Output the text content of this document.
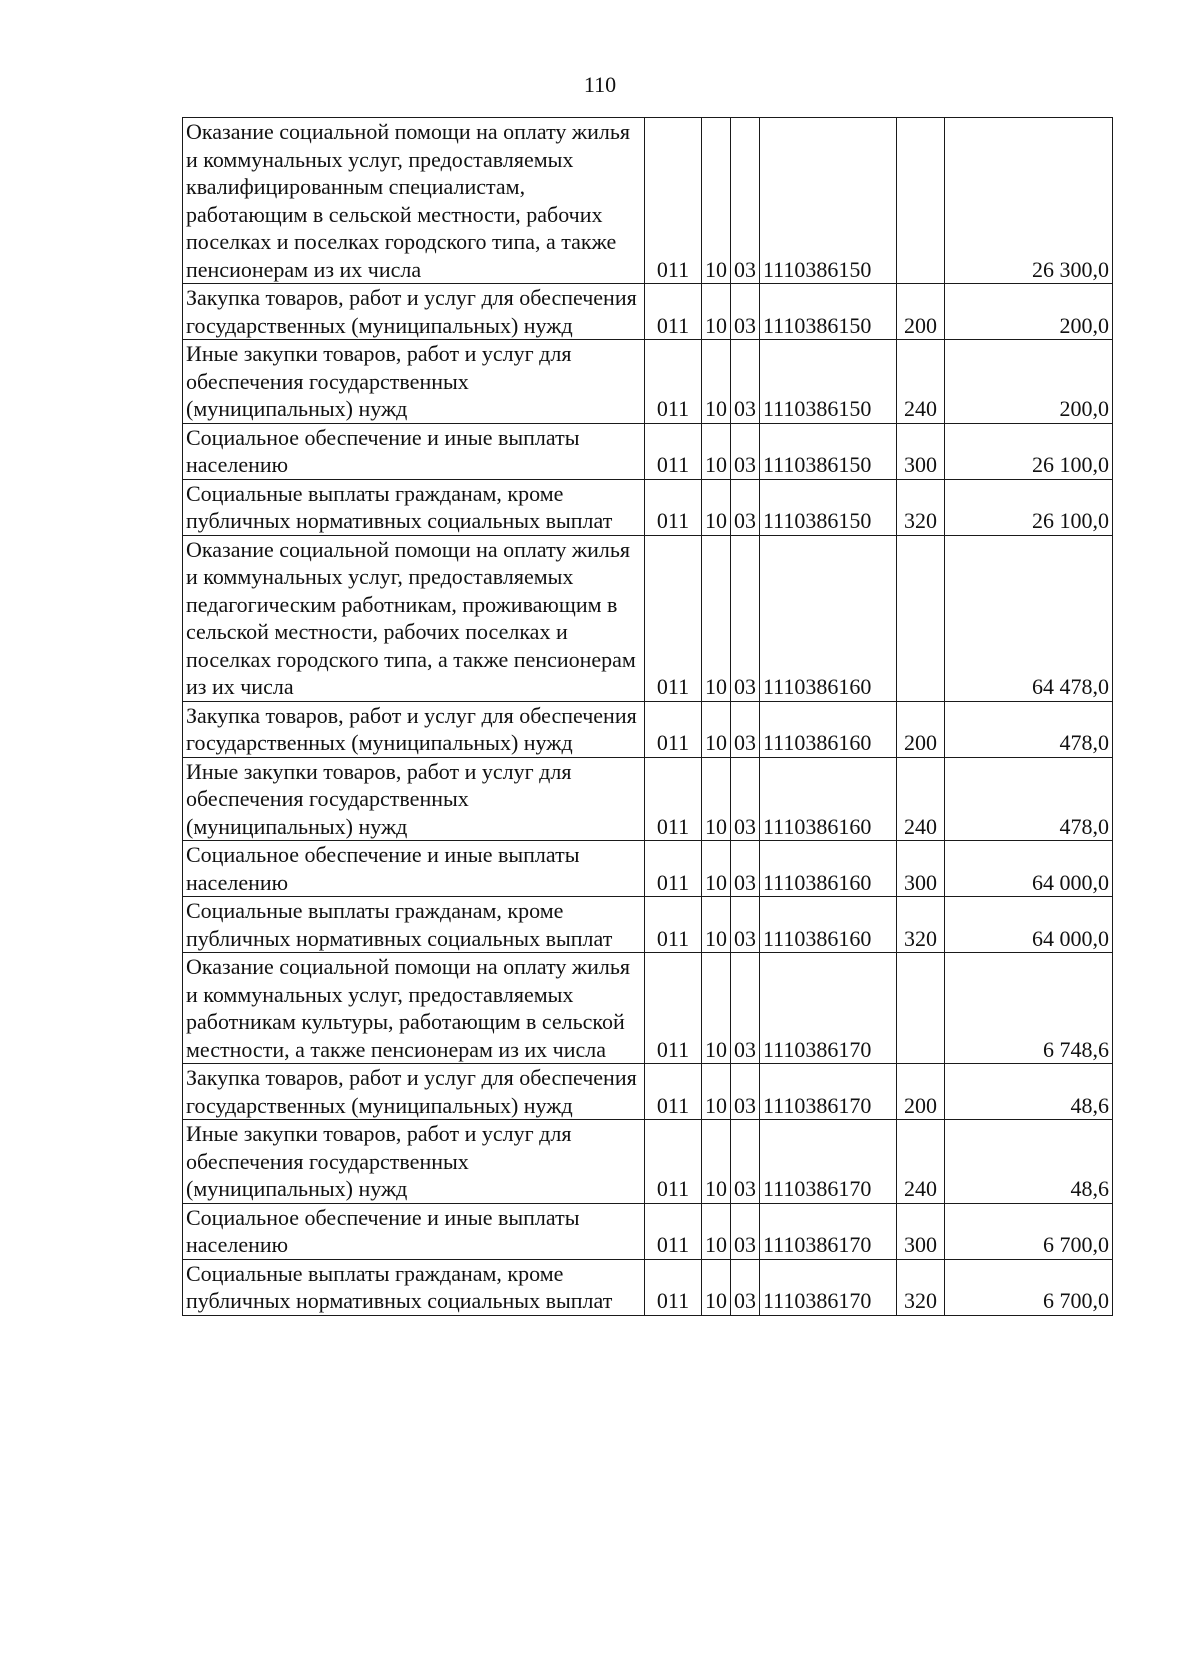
110
Оказание социальной помощи на оплату жилья и коммунальных услуг, предоставляемых квалифицированным специалистам, работающим в сельской местности, рабочих поселках и поселках городского типа, а также пенсионерам из их числа	011	10	03	1110386150		26 300,0
Закупка товаров, работ и услуг для обеспечения государственных (муниципальных) нужд	011	10	03	1110386150	200	200,0
Иные закупки товаров, работ и услуг для обеспечения государственных (муниципальных) нужд	011	10	03	1110386150	240	200,0
Социальное обеспечение и иные выплаты населению	011	10	03	1110386150	300	26 100,0
Социальные выплаты гражданам, кроме публичных нормативных социальных выплат	011	10	03	1110386150	320	26 100,0
Оказание социальной помощи на оплату жилья и коммунальных услуг, предоставляемых педагогическим работникам, проживающим в сельской местности, рабочих поселках и поселках городского типа, а также пенсионерам из их числа	011	10	03	1110386160		64 478,0
Закупка товаров, работ и услуг для обеспечения государственных (муниципальных) нужд	011	10	03	1110386160	200	478,0
Иные закупки товаров, работ и услуг для обеспечения государственных (муниципальных) нужд	011	10	03	1110386160	240	478,0
Социальное обеспечение и иные выплаты населению	011	10	03	1110386160	300	64 000,0
Социальные выплаты гражданам, кроме публичных нормативных социальных выплат	011	10	03	1110386160	320	64 000,0
Оказание социальной помощи на оплату жилья и коммунальных услуг, предоставляемых работникам культуры, работающим в сельской местности, а также пенсионерам из их числа	011	10	03	1110386170		6 748,6
Закупка товаров, работ и услуг для обеспечения государственных (муниципальных) нужд	011	10	03	1110386170	200	48,6
Иные закупки товаров, работ и услуг для обеспечения государственных (муниципальных) нужд	011	10	03	1110386170	240	48,6
Социальное обеспечение и иные выплаты населению	011	10	03	1110386170	300	6 700,0
Социальные выплаты гражданам, кроме публичных нормативных социальных выплат	011	10	03	1110386170	320	6 700,0
